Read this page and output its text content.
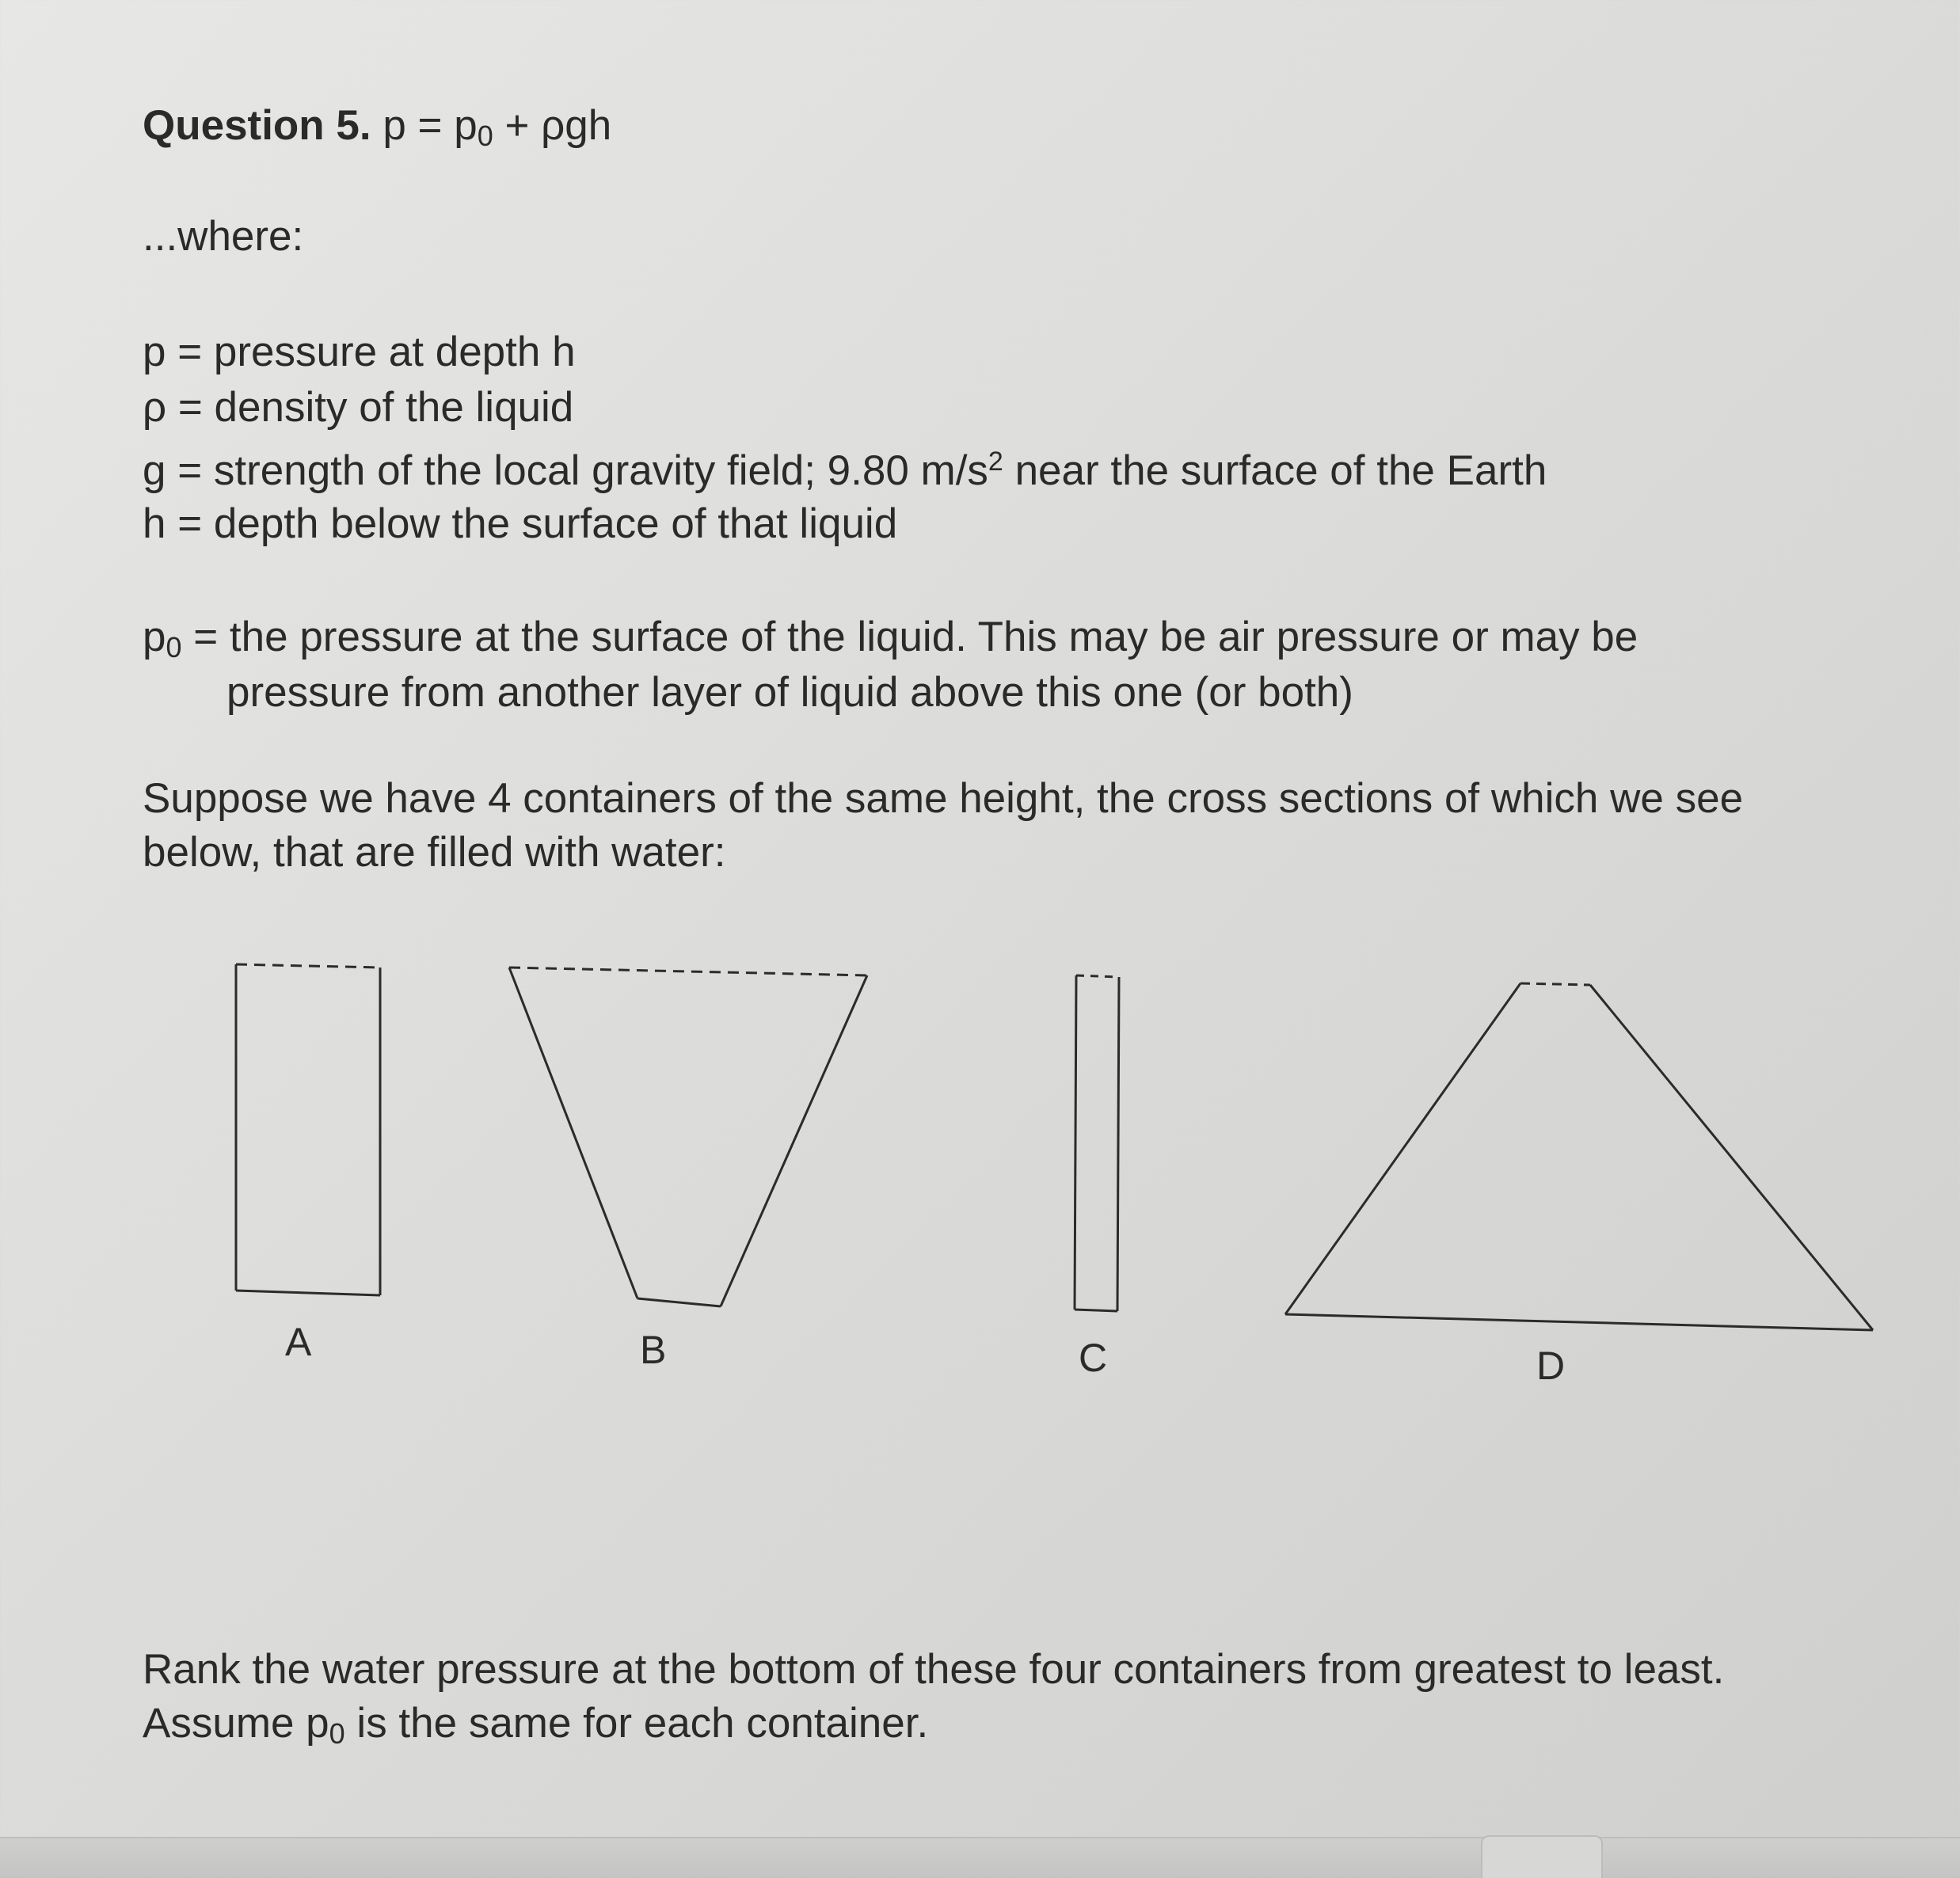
Question 5. p = p0 + ρgh
...where:
p = pressure at depth h
ρ = density of the liquid
g = strength of the local gravity field; 9.80 $m/s^2$ near the surface of the Earth
h = depth below the surface of that liquid
p0 = the pressure at the surface of the liquid. This may be air pressure or may be
pressure from another layer of liquid above this one (or both)
Suppose we have 4 containers of the same height, the cross sections of which we see
below, that are filled with water:
A	B	C	D
Rank the water pressure at the bottom of these four containers from greatest to least.
Assume p0 is the same for each container.
